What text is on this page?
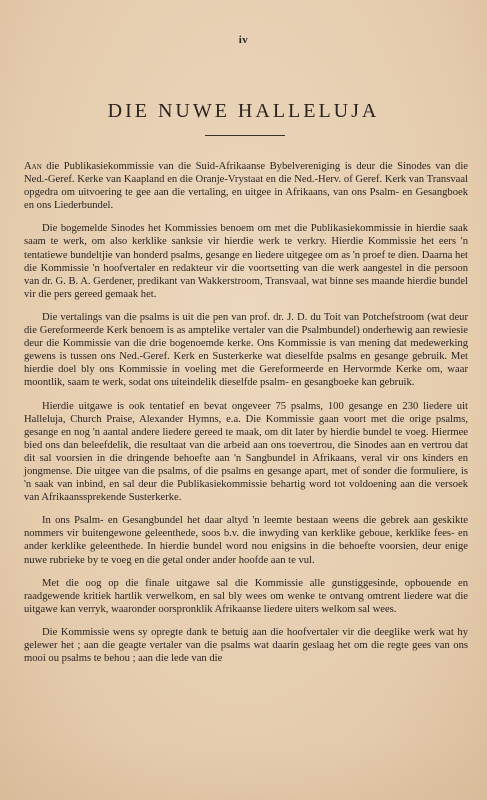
iv
DIE NUWE HALLELUJA

Aan die Publikasiekommissie van die Suid-Afrikaanse Bybelvereniging is deur die Sinodes van die Ned.-Geref. Kerke van Kaapland en die Oranje-Vrystaat en die Ned.-Herv. of Geref. Kerk van Transvaal opgedra om uitvoering te gee aan die vertaling, en uitgee in Afrikaans, van ons Psalm- en Gesangboek en ons Liederbundel.

Die bogemelde Sinodes het Kommissies benoem om met die Publikasiekommissie in hierdie saak saam te werk, om also kerklike sanksie vir hierdie werk te verkry. Hierdie Kommissie het eers 'n tentatiewe bundeltjie van honderd psalms, gesange en liedere uitgegee om as 'n proef te dien. Daarna het die Kommissie 'n hoofvertaler en redakteur vir die voortsetting van die werk aangestel in die persoon van dr. G. B. A. Gerdener, predikant van Wakkerstroom, Transvaal, wat binne ses maande hierdie bundel vir die pers gereed gemaak het.

Die vertalings van die psalms is uit die pen van prof. dr. J. D. du Toit van Potchefstroom (wat deur die Gereformeerde Kerk benoem is as amptelike vertaler van die Psalmbundel) onderhewig aan rewiesie deur die Kommissie van die drie bogenoemde kerke. Ons Kommissie is van mening dat medewerking gewens is tussen ons Ned.-Geref. Kerk en Susterkerke wat dieselfde psalms en gesange gebruik. Met hierdie doel bly ons Kommissie in voeling met die Gereformeerde en Hervormde Kerke om, waar moontlik, saam te werk, sodat ons uiteindelik dieselfde psalm- en gesangboeke kan gebruik.

Hierdie uitgawe is ook tentatief en bevat ongeveer 75 psalms, 100 gesange en 230 liedere uit Halleluja, Church Praise, Alexander Hymns, e.a. Die Kommissie gaan voort met die orige psalms, gesange en nog 'n aantal andere liedere gereed te maak, om dit later by hierdie bundel te voeg. Hiermee bied ons dan beleefdelik, die resultaat van die arbeid aan ons toevertrou, die Sinodes aan en vertrou dat dit sal voorsien in die dringende behoefte aan 'n Sangbundel in Afrikaans, veral vir ons kinders en jongmense. Die uitgee van die psalms, of die psalms en gesange apart, met of sonder die formuliere, is 'n saak van inbind, en sal deur die Publikasiekommissie behartig word tot voldoening aan die versoek van Afrikaanssprekende Susterkerke.

In ons Psalm- en Gesangbundel het daar altyd 'n leemte bestaan weens die gebrek aan geskikte nommers vir buitengewone geleenthede, soos b.v. die inwyding van kerklike geboue, kerklike fees- en ander kerklike geleenthede. In hierdie bundel word nou enigsins in die behoefte voorsien, deur enige nuwe rubrieke by te voeg en die getal onder ander hoofde aan te vul.

Met die oog op die finale uitgawe sal die Kommissie alle gunstiggesinde, opbouende en raadgewende kritiek hartlik verwelkom, en sal bly wees om wenke te ontvang omtrent liedere wat die uitgawe kan verryk, waaronder oorspronklik Afrikaanse liedere uiters welkom sal wees.

Die Kommissie wens sy opregte dank te betuig aan die hoofvertaler vir die deeglike werk wat hy gelewer het ; aan die geagte vertaler van die psalms wat daarin geslaag het om die regte gees van ons mooi ou psalms te behou ; aan die lede van die
